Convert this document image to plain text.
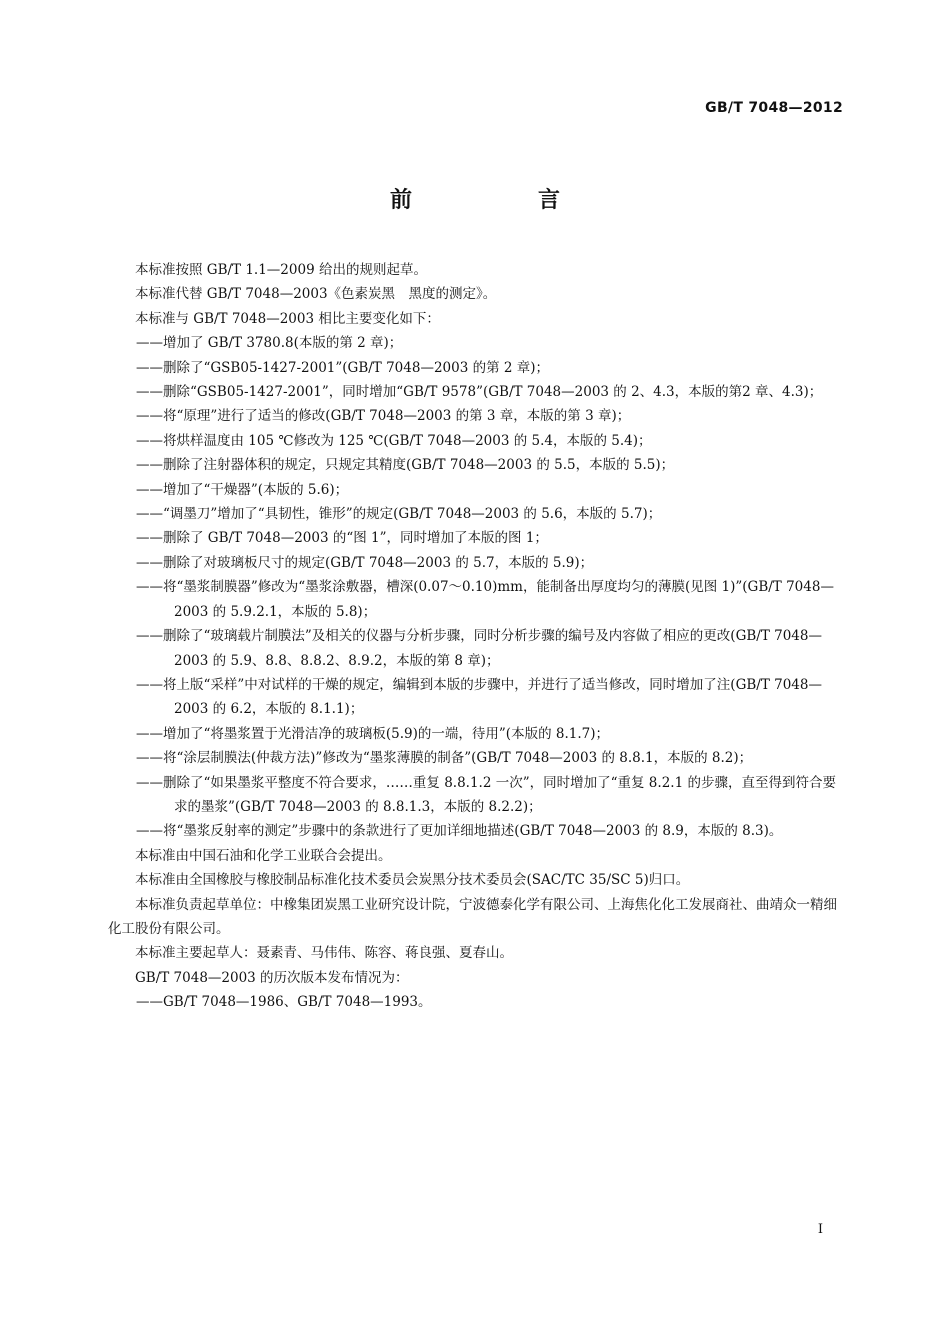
GB/T 7048—2012
前　言

本标准按照 GB/T 1.1—2009 给出的规则起草。

本标准代替 GB/T 7048—2003《色素炭黑　黑度的测定》。

本标准与 GB/T 7048—2003 相比主要变化如下：

——增加了 GB/T 3780.8(本版的第 2 章)；

——删除了“GSB05-1427-2001”(GB/T 7048—2003 的第 2 章)；

——删除“GSB05-1427-2001”，同时增加“GB/T 9578”(GB/T 7048—2003 的 2、4.3，本版的第2 章、4.3)；

——将“原理”进行了适当的修改(GB/T 7048—2003 的第 3 章，本版的第 3 章)；

——将烘样温度由 105 ℃修改为 125 ℃(GB/T 7048—2003 的 5.4，本版的 5.4)；

——删除了注射器体积的规定，只规定其精度(GB/T 7048—2003 的 5.5，本版的 5.5)；

——增加了“干燥器”(本版的 5.6)；

——“调墨刀”增加了“具韧性，锥形”的规定(GB/T 7048—2003 的 5.6，本版的 5.7)；

——删除了 GB/T 7048—2003 的“图 1”，同时增加了本版的图 1；

——删除了对玻璃板尺寸的规定(GB/T 7048—2003 的 5.7，本版的 5.9)；

——将“墨浆制膜器”修改为“墨浆涂敷器，槽深(0.07～0.10)mm，能制备出厚度均匀的薄膜(见图 1)”(GB/T 7048—2003 的 5.9.2.1，本版的 5.8)；

——删除了“玻璃载片制膜法”及相关的仪器与分析步骤，同时分析步骤的编号及内容做了相应的更改(GB/T 7048—2003 的 5.9、8.8、8.8.2、8.9.2，本版的第 8 章)；

——将上版“采样”中对试样的干燥的规定，编辑到本版的步骤中，并进行了适当修改，同时增加了注(GB/T 7048—2003 的 6.2，本版的 8.1.1)；

——增加了“将墨浆置于光滑洁净的玻璃板(5.9)的一端，待用”(本版的 8.1.7)；

——将“涂层制膜法(仲裁方法)”修改为“墨浆薄膜的制备”(GB/T 7048—2003 的 8.8.1，本版的 8.2)；

——删除了“如果墨浆平整度不符合要求，……重复 8.8.1.2 一次”，同时增加了“重复 8.2.1 的步骤，直至得到符合要求的墨浆”(GB/T 7048—2003 的 8.8.1.3，本版的 8.2.2)；

——将“墨浆反射率的测定”步骤中的条款进行了更加详细地描述(GB/T 7048—2003 的 8.9，本版的 8.3)。

本标准由中国石油和化学工业联合会提出。

本标准由全国橡胶与橡胶制品标准化技术委员会炭黑分技术委员会(SAC/TC 35/SC 5)归口。

本标准负责起草单位：中橡集团炭黑工业研究设计院，宁波德泰化学有限公司、上海焦化化工发展商社、曲靖众一精细化工股份有限公司。

本标准主要起草人：聂素青、马伟伟、陈容、蒋良强、夏春山。

GB/T 7048—2003 的历次版本发布情况为：

——GB/T 7048—1986、GB/T 7048—1993。

I
